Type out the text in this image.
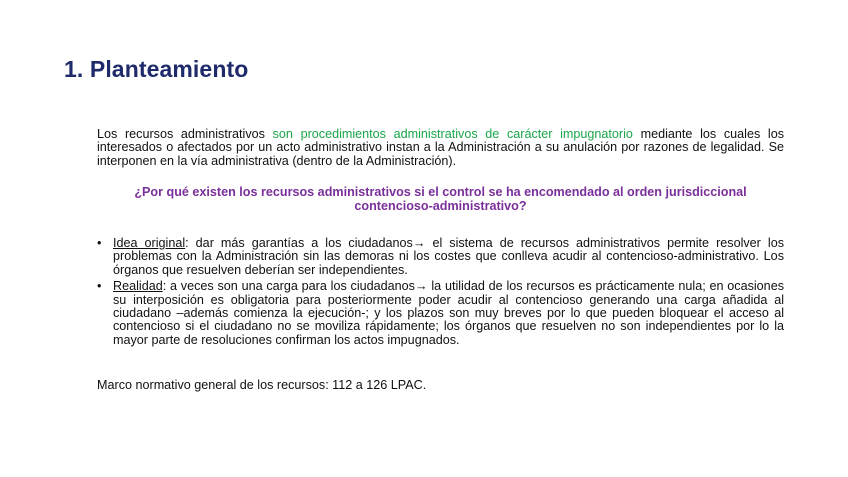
1. Planteamiento

Los recursos administrativos son procedimientos administrativos de carácter impugnatorio mediante los cuales los interesados o afectados por un acto administrativo instan a la Administración a su anulación por razones de legalidad. Se interponen en la vía administrativa (dentro de la Administración).

¿Por qué existen los recursos administrativos si el control se ha encomendado al orden jurisdiccional contencioso-administrativo?

• Idea original: dar más garantías a los ciudadanos→ el sistema de recursos administrativos permite resolver los problemas con la Administración sin las demoras ni los costes que conlleva acudir al contencioso-administrativo. Los órganos que resuelven deberían ser independientes.
• Realidad: a veces son una carga para los ciudadanos→ la utilidad de los recursos es prácticamente nula; en ocasiones su interposición es obligatoria para posteriormente poder acudir al contencioso generando una carga añadida al ciudadano –además comienza la ejecución-; y los plazos son muy breves por lo que pueden bloquear el acceso al contencioso si el ciudadano no se moviliza rápidamente; los órganos que resuelven no son independientes por lo la mayor parte de resoluciones confirman los actos impugnados.

Marco normativo general de los recursos: 112 a 126 LPAC.
